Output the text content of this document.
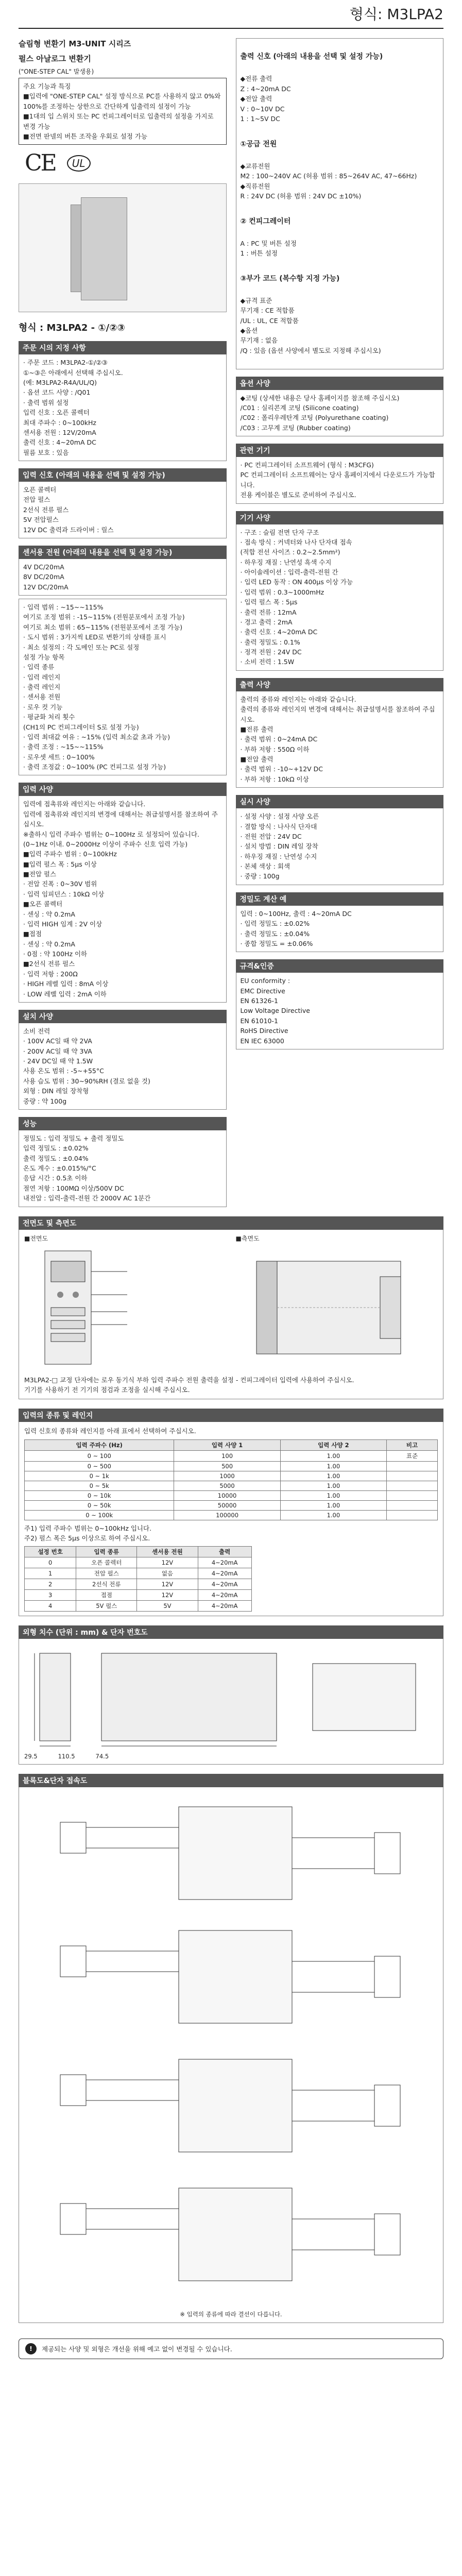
형식: M3LPA2
슬림형 변환기 M3-UNIT 시리즈
펄스 아날로그 변환기
("ONE-STEP CAL" 발생용)
주요 기능과 특징
■입력에 "ONE-STEP CAL" 설정 방식으로 PC를 사용하지 않고 0%와 100%를 조정하는 상한으로 간단하게 입출력의 설정이 가능
■1대의 입 스위치 또는 PC 컨피그레이터로 입출력의 설정을 가지로 변경 가능
■전면 판넬의 버튼 조작을 우회로 설정 가능
CE	UL
형식 : M3LPA2 - ①/②③
주문 시의 지정 사항
· 주문 코드 : M3LPA2-①/②③
①~③은 아래에서 선택해 주십시오.
(예: M3LPA2-R4A/UL/Q)
· 옵션 코드 사양 : /Q01
· 출력 범위 설정
입력 신호 : 오픈 콜렉터
최대 주파수 : 0~100kHz
센서용 전원 : 12V/20mA
출력 신호 : 4~20mA DC
필름 보호 : 있음
입력 신호 (아래의 내용을 선택 및 설정 가능)
오픈 콜렉터
전압 펄스
2선식 전류 펄스
5V 전압펄스
12V DC 출력과 드라이버 : 릴스
센서용 전원 (아래의 내용을 선택 및 설정 가능)
4V DC/20mA
8V DC/20mA
12V DC/20mA
· 입력 범위 : ~15~~115%
여기로 조정 범위 : -15~115% (전원분포에서 조정 가능)
여기로 최소 범위 : 65~115% (전원분포에서 조정 가능)
· 도시 범위 : 3가지씩 LED로 변환기의 상태를 표시
· 최소 설정의 : 각 도메인 또는 PC로 설정
설정 가능 항목
· 입력 종류
· 입력 레인지
· 출력 레인지
· 센서용 전원
· 로우 컷 기능
· 평균화 처리 횟수
(CH1의 PC 컨피그레이터 S로 설정 가능)
· 입력 최대값 여유 : ~15% (입력 최소값 초과 가능)
· 출력 조정 : ~15~~115%
· 로우셋 세트 : 0~100%
· 출력 조정값 : 0~100% (PC 컨피그로 설정 가능)
입력 사양
입력에 접촉류와 레인지는 아래와 같습니다.
입력에 접촉류와 레인지의 변경에 대해서는 취급설명서를 참조하여 주십시오.
※출하시 입력 주파수 범위는 0~100Hz 로 설정되어 있습니다.
(0~1Hz 이내. 0~2000Hz 이상이 주파수 신호 입력 가능)
■입력 주파수 범위 : 0~100kHz
■입력 펄스 폭 : 5µs 이상
■전압 펄스
· 전압 진폭 : 0~30V 범위
· 입력 임피던스 : 10kΩ 이상
■오픈 콜렉터
· 센싱 : 약 0.2mA
· 입력 HIGH 임계 : 2V 이상
■접점
· 센싱 : 약 0.2mA
· 0점 : 약 100Hz 이하
■2선식 전류 펄스
· 입력 저항 : 200Ω
· HIGH 레벨 입력 : 8mA 이상
· LOW 레벨 입력 : 2mA 이하
설치 사양
소비 전력
· 100V AC일 때 약 2VA
· 200V AC일 때 약 3VA
· 24V DC일 때 약 1.5W
사용 온도 범위 : -5~+55°C
사용 습도 범위 : 30~90%RH (결로 없을 것)
외형 : DIN 레일 장착형
중량 : 약 100g
성능
정밀도 : 입력 정밀도 + 출력 정밀도
입력 정밀도 : ±0.02%
출력 정밀도 : ±0.04%
온도 계수 : ±0.015%/°C
응답 시간 : 0.5초 이하
절연 저항 : 100MΩ 이상/500V DC
내전압 : 입력-출력-전원 간 2000V AC 1분간

출력 신호 (아래의 내용을 선택 및 설정 가능)

◆전류 출력
Z : 4~20mA DC
◆전압 출력
V : 0~10V DC
1 : 1~5V DC

①공급 전원

◆교류전원
M2 : 100~240V AC (허용 범위 : 85~264V AC, 47~66Hz)
◆직류전원
R : 24V DC (허용 범위 : 24V DC ±10%)

② 컨피그레이터

A : PC 및 버튼 설정
1 : 버튼 설정

③부가 코드 (복수항 지정 가능)

◆규격 표준
무기재 : CE 적합품
/UL : UL, CE 적합품
◆옵션
무기재 : 없음
/Q : 있음 (옵션 사양에서 별도로 지정해 주십시오)

옵션 사양
◆코팅 (상세한 내용은 당사 홈페이지를 참조해 주십시오)
/C01 : 실리콘계 코팅 (Silicone coating)
/C02 : 폴리우레탄계 코팅 (Polyurethane coating)
/C03 : 고무계 코팅 (Rubber coating)
관련 기기
· PC 컨피그레이터 소프트웨어 (형식 : M3CFG)
PC 컨피그레이터 소프트웨어는 당사 홈페이지에서 다운로드가 가능합니다.
전용 케이블은 별도로 준비하여 주십시오.
기기 사양
· 구조 : 슬림 전면 단자 구조
· 접속 방식 : 커넥터와 나사 단자대 접속
(적합 전선 사이즈 : 0.2~2.5mm²)
· 하우징 재질 : 난연성 흑색 수지
· 아이솔레이션 : 입력-출력-전원 간
· 입력 LED 동작 : ON 400μs 이상 가능
· 입력 범위 : 0.3~1000mHz
· 입력 펄스 폭 : 5μs
· 출력 전류 : 12mA
· 경고 출력 : 2mA
· 출력 신호 : 4~20mA DC
· 출력 정밀도 : 0.1%
· 정격 전원 : 24V DC
· 소비 전력 : 1.5W
출력 사양
출력의 종류와 레인지는 아래와 같습니다.
출력의 종류와 레인지의 변경에 대해서는 취급설명서를 참조하여 주십시오.
■전류 출력
· 출력 범위 : 0~24mA DC
· 부하 저항 : 550Ω 이하
■전압 출력
· 출력 범위 : -10~+12V DC
· 부하 저항 : 10kΩ 이상
실시 사양
· 설정 사양 : 설정 사양 오픈
· 결합 방식 : 나사식 단자대
· 전원 전압 : 24V DC
· 설치 방법 : DIN 레일 장착
· 하우징 재질 : 난연성 수지
· 본체 색상 : 회색
· 중량 : 100g
정밀도 계산 예
입력 : 0~100Hz, 출력 : 4~20mA DC
· 입력 정밀도 : ±0.02%
· 출력 정밀도 : ±0.04%
· 종합 정밀도 = ±0.06%
규격&인증
EU conformity :
EMC Directive
EN 61326-1
Low Voltage Directive
EN 61010-1
RoHS Directive
EN IEC 63000
전면도 및 측면도
■전면도	■측면도
M3LPA2-□ 교정 단자에는 로우 동기식 부하 입력 주파수 전원 출력을 설정 - 컨피그레이터 입력에 사용하여 주십시오.
기기를 사용하기 전 기기의 점검과 조정을 실시해 주십시오.
입력의 종류 및 레인지
입력 신호의 종류와 레인지를 아래 표에서 선택하여 주십시오.
입력 주파수 (Hz)	입력 사양 1	입력 사양 2	비고
0 ~ 100	100	1.00	표준
0 ~ 500	500	1.00	
0 ~ 1k	1000	1.00	
0 ~ 5k	5000	1.00	
0 ~ 10k	10000	1.00	
0 ~ 50k	50000	1.00	
0 ~ 100k	100000	1.00	
주1) 입력 주파수 범위는 0~100kHz 입니다.
주2) 펄스 폭은 5μs 이상으로 하여 주십시오.
설정 번호	입력 종류	센서용 전원	출력
0	오픈 콜렉터	12V	4~20mA
1	전압 펄스	없음	4~20mA
2	2선식 전류	12V	4~20mA
3	접점	12V	4~20mA
4	5V 펄스	5V	4~20mA
외형 치수 (단위 : mm) & 단자 번호도
29.5	110.5	74.5
블록도&단자 접속도
※ 입력의 종류에 따라 결선이 다릅니다.
!	제공되는 사양 및 외형은 개선을 위해 예고 없이 변경될 수 있습니다.
